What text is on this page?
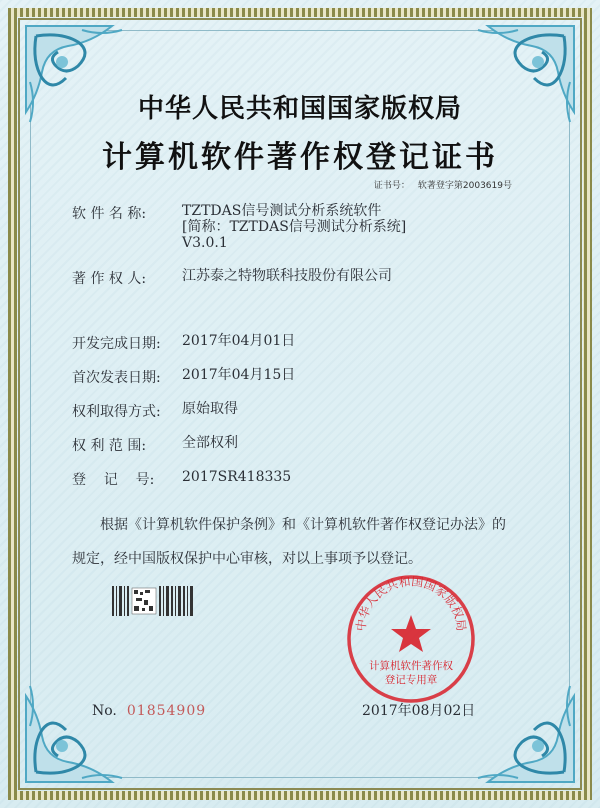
中华人民共和国国家版权局
计算机软件著作权登记证书
证书号： 软著登字第2003619号
软 件 名 称:	TZTDAS信号测试分析系统软件
[简称：TZTDAS信号测试分析系统]
V3.0.1
著 作 权 人:	江苏泰之特物联科技股份有限公司
开发完成日期: 2017年04月01日
首次发表日期: 2017年04月15日
权利取得方式: 原始取得
权 利 范 围:	全部权利
登    记    号: 2017SR418335
根据《计算机软件保护条例》和《计算机软件著作权登记办法》的
规定，经中国版权保护中心审核，对以上事项予以登记。
No. 01854909
中华人民共和国国家版权局
计算机软件著作权
登记专用章
2017年08月02日
